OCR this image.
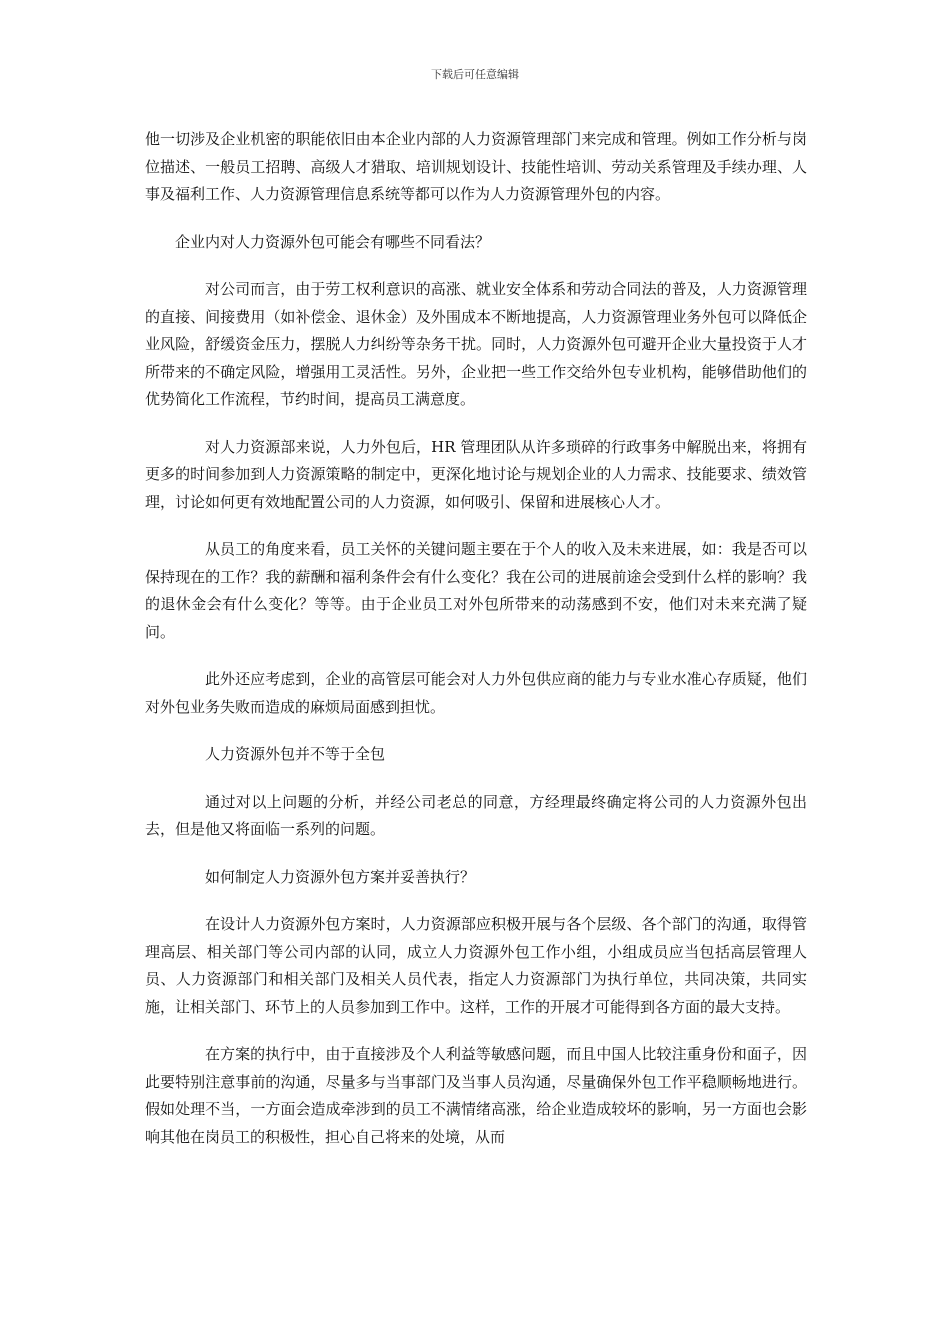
下载后可任意编辑

他一切涉及企业机密的职能依旧由本企业内部的人力资源管理部门来完成和管理。例如工作分析与岗位描述、一般员工招聘、高级人才猎取、培训规划设计、技能性培训、劳动关系管理及手续办理、人事及福利工作、人力资源管理信息系统等都可以作为人力资源管理外包的内容。

企业内对人力资源外包可能会有哪些不同看法？

对公司而言，由于劳工权利意识的高涨、就业安全体系和劳动合同法的普及，人力资源管理的直接、间接费用（如补偿金、退休金）及外围成本不断地提高，人力资源管理业务外包可以降低企业风险，舒缓资金压力，摆脱人力纠纷等杂务干扰。同时，人力资源外包可避开企业大量投资于人才所带来的不确定风险，增强用工灵活性。另外，企业把一些工作交给外包专业机构，能够借助他们的优势简化工作流程，节约时间，提高员工满意度。

对人力资源部来说，人力外包后，HR 管理团队从许多琐碎的行政事务中解脱出来，将拥有更多的时间参加到人力资源策略的制定中，更深化地讨论与规划企业的人力需求、技能要求、绩效管理，讨论如何更有效地配置公司的人力资源，如何吸引、保留和进展核心人才。

从员工的角度来看，员工关怀的关键问题主要在于个人的收入及未来进展，如：我是否可以保持现在的工作？我的薪酬和福利条件会有什么变化？我在公司的进展前途会受到什么样的影响？我的退休金会有什么变化？等等。由于企业员工对外包所带来的动荡感到不安，他们对未来充满了疑问。

此外还应考虑到，企业的高管层可能会对人力外包供应商的能力与专业水准心存质疑，他们对外包业务失败而造成的麻烦局面感到担忧。

人力资源外包并不等于全包

通过对以上问题的分析，并经公司老总的同意，方经理最终确定将公司的人力资源外包出去，但是他又将面临一系列的问题。

如何制定人力资源外包方案并妥善执行？

在设计人力资源外包方案时，人力资源部应积极开展与各个层级、各个部门的沟通，取得管理高层、相关部门等公司内部的认同，成立人力资源外包工作小组，小组成员应当包括高层管理人员、人力资源部门和相关部门及相关人员代表，指定人力资源部门为执行单位，共同决策，共同实施，让相关部门、环节上的人员参加到工作中。这样，工作的开展才可能得到各方面的最大支持。

在方案的执行中，由于直接涉及个人利益等敏感问题，而且中国人比较注重身份和面子，因此要特别注意事前的沟通，尽量多与当事部门及当事人员沟通，尽量确保外包工作平稳顺畅地进行。假如处理不当，一方面会造成牵涉到的员工不满情绪高涨，给企业造成较坏的影响，另一方面也会影响其他在岗员工的积极性，担心自己将来的处境，从而
